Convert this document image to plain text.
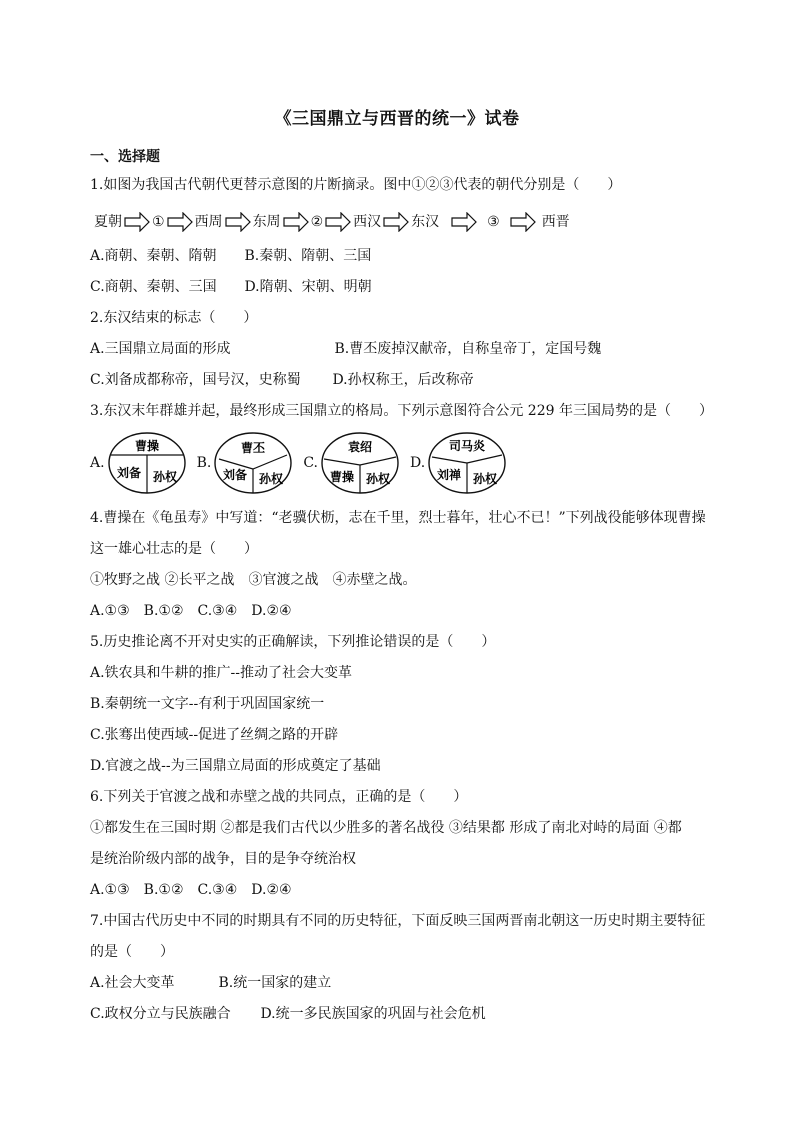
《三国鼎立与西晋的统一》试卷
一、选择题
1.如图为我国古代朝代更替示意图的片断摘录。图中①②③代表的朝代分别是（　　）
夏朝 ① 西周 东周 ② 西汉 东汉	③	西晋
A.商朝、秦朝、隋朝 B.秦朝、隋朝、三国
C.商朝、秦朝、三国 D.隋朝、宋朝、明朝
2.东汉结束的标志（　　）
A.三国鼎立局面的形成	B.曹丕废掉汉献帝，自称皇帝丁，定国号魏
C.刘备成都称帝，国号汉，史称蜀 D.孙权称王，后改称帝
3.东汉末年群雄并起，最终形成三国鼎立的格局。下列示意图符合公元 229 年三国局势的是（　　）
A.
曹操
刘备 孙权
B.
曹丕
刘备 孙权
C.
袁绍
曹操 孙权
D.
司马炎
刘禅 孙权
4.曹操在《龟虽寿》中写道：“老骥伏枥，志在千里，烈士暮年，壮心不已！”下列战役能够体现曹操
这一雄心壮志的是（　　）
①牧野之战 ②长平之战　③官渡之战　④赤壁之战。
A.①③　B.①②　C.③④　D.②④
5.历史推论离不开对史实的正确解读，下列推论错误的是（　　）
A.铁农具和牛耕的推广--推动了社会大变革
B.秦朝统一文字--有利于巩固国家统一
C.张骞出使西域--促进了丝绸之路的开辟
D.官渡之战--为三国鼎立局面的形成奠定了基础
6.下列关于官渡之战和赤壁之战的共同点，正确的是（　　）
①都发生在三国时期 ②都是我们古代以少胜多的著名战役 ③结果都 形成了南北对峙的局面 ④都
是统治阶级内部的战争，目的是争夺统治权
A.①③　B.①②　C.③④　D.②④
7.中国古代历史中不同的时期具有不同的历史特征，下面反映三国两晋南北朝这一历史时期主要特征
的是（　　）
A.社会大变革	B.统一国家的建立
C.政权分立与民族融合 D.统一多民族国家的巩固与社会危机
